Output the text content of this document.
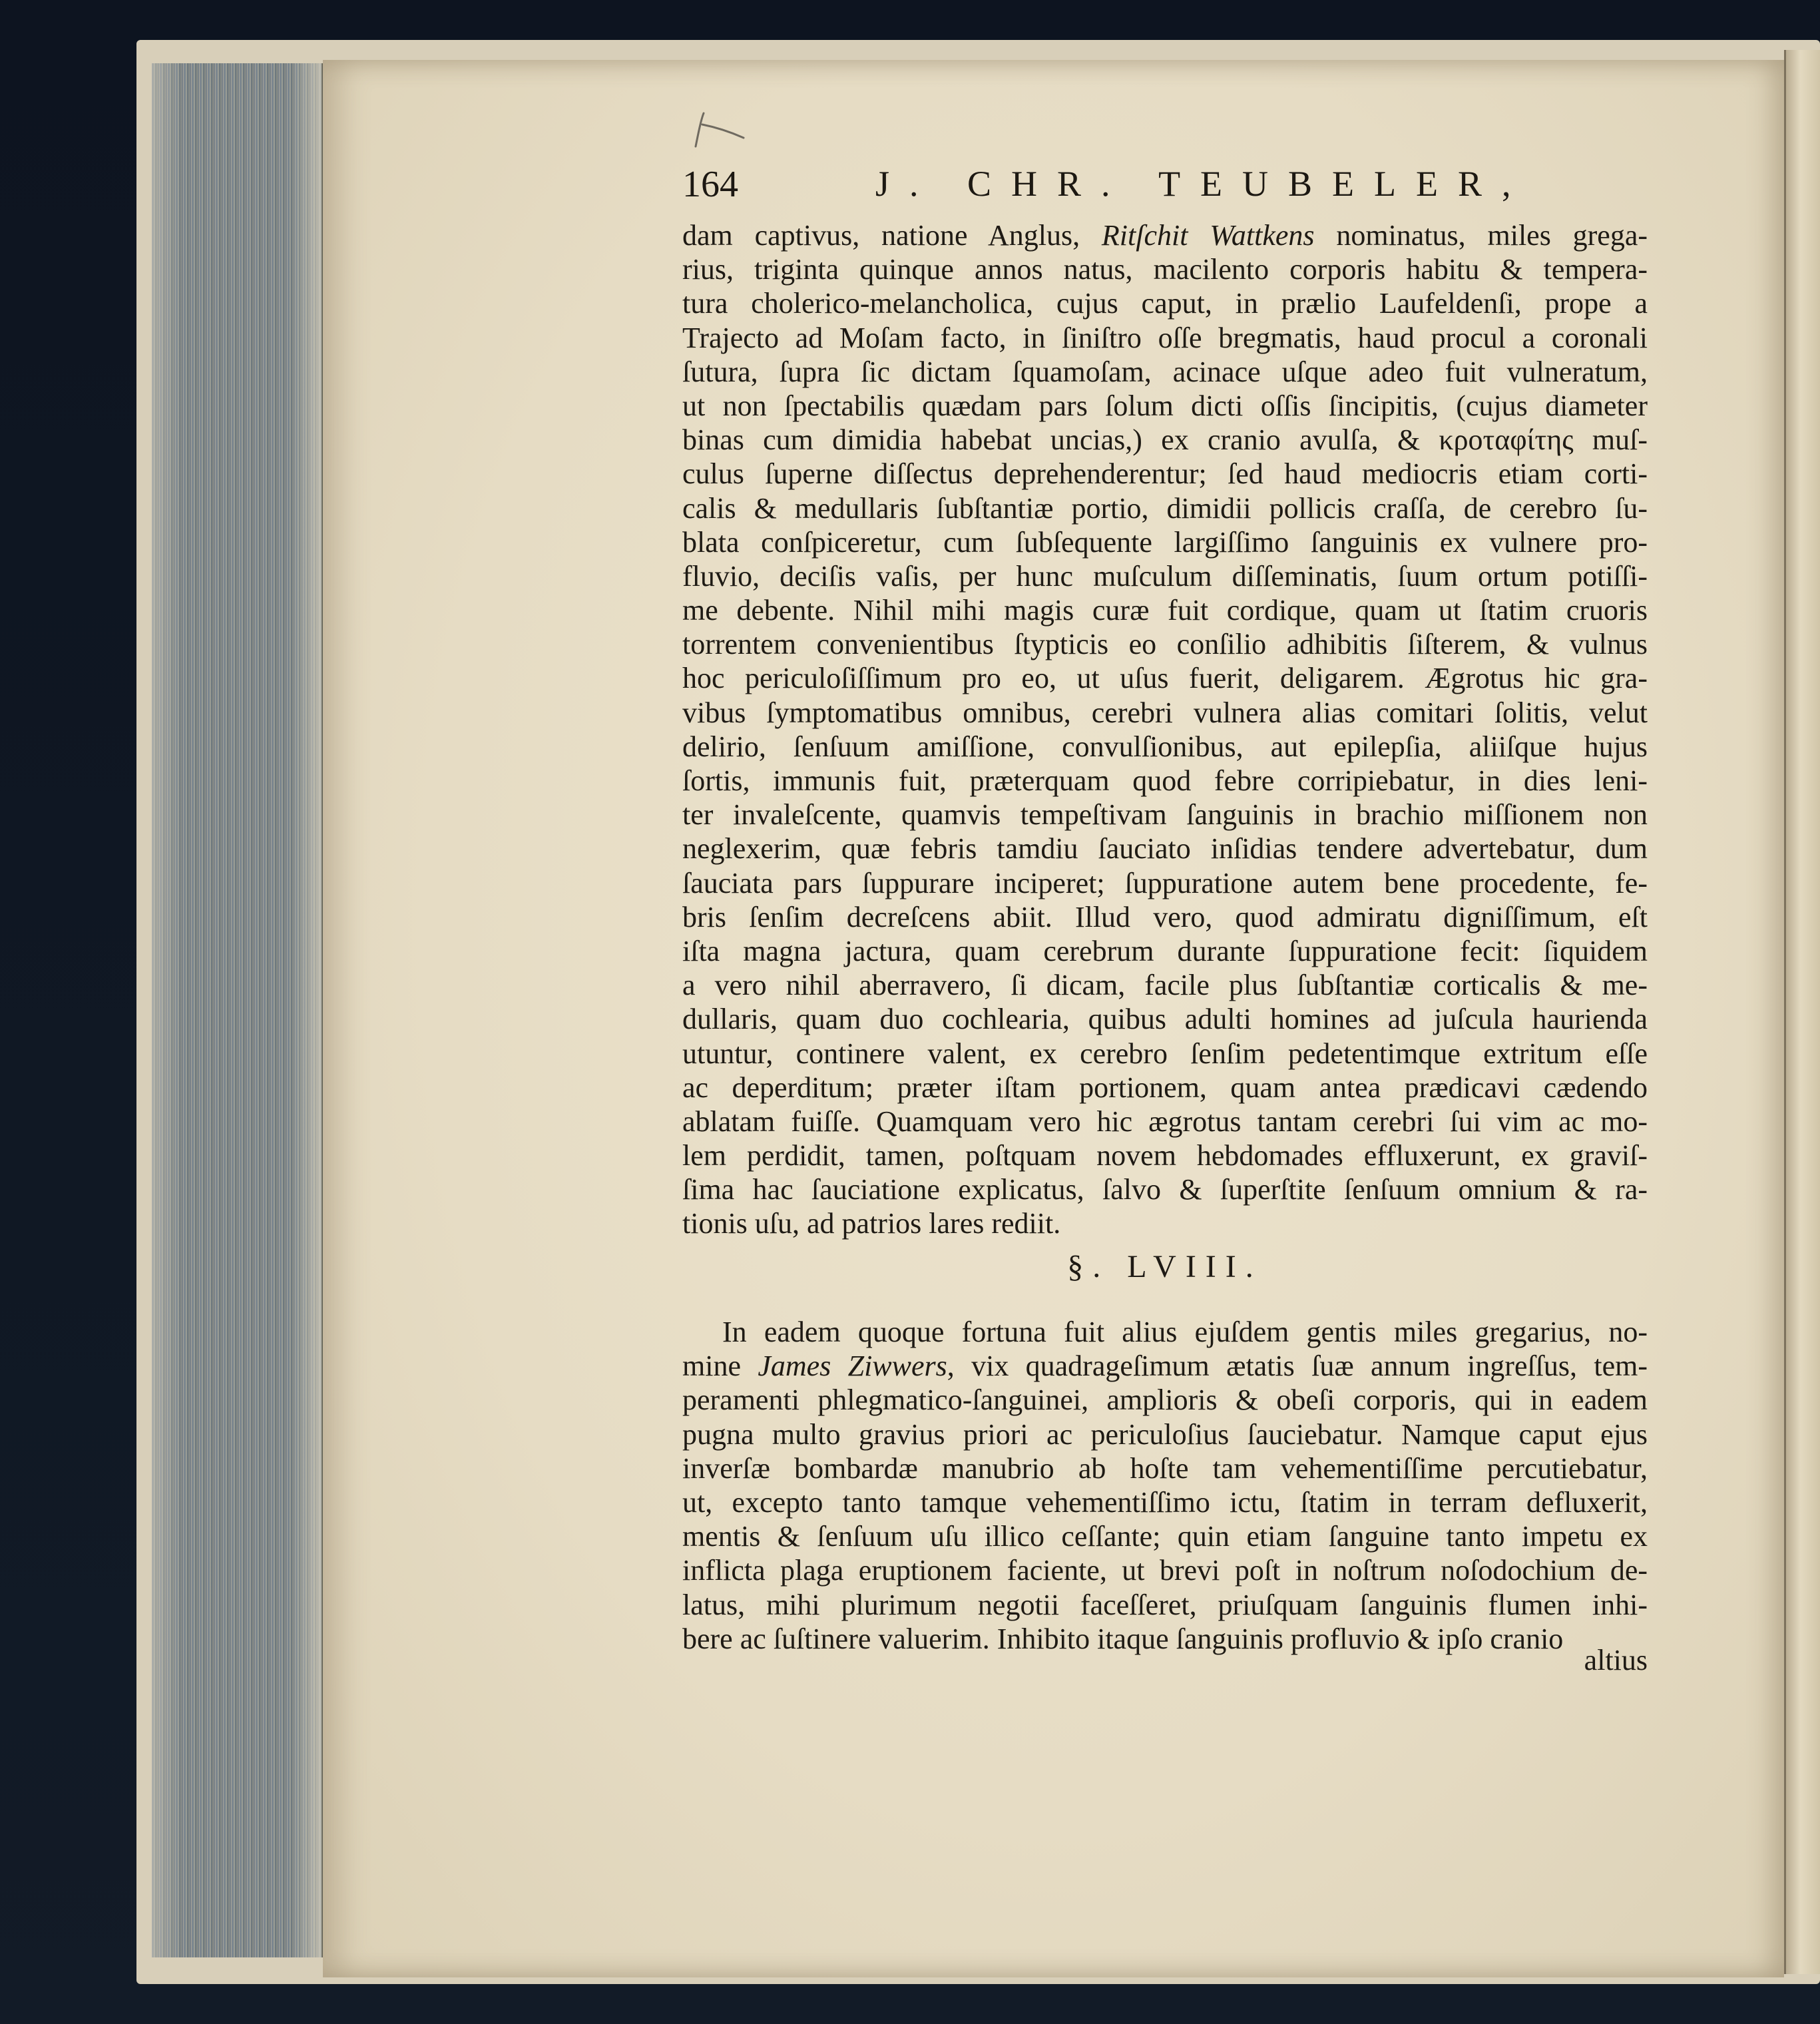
164	J. CHR. TEUBELER,
dam captivus, natione Anglus, Ritſchit Wattkens nominatus, miles grega-
rius, triginta quinque annos natus, macilento corporis habitu & tempera-
tura cholerico-melancholica, cujus caput, in prælio Laufeldenſi, prope a
Trajecto ad Moſam facto, in ſiniſtro oſſe bregmatis, haud procul a coronali
ſutura, ſupra ſic dictam ſquamoſam, acinace uſque adeo fuit vulneratum,
ut non ſpectabilis quædam pars ſolum dicti oſſis ſincipitis, (cujus diameter
binas cum dimidia habebat uncias,) ex cranio avulſa, & κροταφίτης muſ-
culus ſuperne diſſectus deprehenderentur; ſed haud mediocris etiam corti-
calis & medullaris ſubſtantiæ portio, dimidii pollicis craſſa, de cerebro ſu-
blata conſpiceretur, cum ſubſequente largiſſimo ſanguinis ex vulnere pro-
fluvio, deciſis vaſis, per hunc muſculum diſſeminatis, ſuum ortum potiſſi-
me debente. Nihil mihi magis curæ fuit cordique, quam ut ſtatim cruoris
torrentem convenientibus ſtypticis eo conſilio adhibitis ſiſterem, & vulnus
hoc periculoſiſſimum pro eo, ut uſus fuerit, deligarem. Ægrotus hic gra-
vibus ſymptomatibus omnibus, cerebri vulnera alias comitari ſolitis, velut
delirio, ſenſuum amiſſione, convulſionibus, aut epilepſia, aliiſque hujus
ſortis, immunis fuit, præterquam quod febre corripiebatur, in dies leni-
ter invaleſcente, quamvis tempeſtivam ſanguinis in brachio miſſionem non
neglexerim, quæ febris tamdiu ſauciato inſidias tendere advertebatur, dum
ſauciata pars ſuppurare inciperet; ſuppuratione autem bene procedente, fe-
bris ſenſim decreſcens abiit. Illud vero, quod admiratu digniſſimum, eſt
iſta magna jactura, quam cerebrum durante ſuppuratione fecit: ſiquidem
a vero nihil aberravero, ſi dicam, facile plus ſubſtantiæ corticalis & me-
dullaris, quam duo cochlearia, quibus adulti homines ad juſcula haurienda
utuntur, continere valent, ex cerebro ſenſim pedetentimque extritum eſſe
ac deperditum; præter iſtam portionem, quam antea prædicavi cædendo
ablatam fuiſſe. Quamquam vero hic ægrotus tantam cerebri ſui vim ac mo-
lem perdidit, tamen, poſtquam novem hebdomades effluxerunt, ex graviſ-
ſima hac ſauciatione explicatus, ſalvo & ſuperſtite ſenſuum omnium & ra-
tionis uſu, ad patrios lares rediit.
§. LVIII.
In eadem quoque fortuna fuit alius ejuſdem gentis miles gregarius, no-
mine James Ziwwers, vix quadrageſimum ætatis ſuæ annum ingreſſus, tem-
peramenti phlegmatico-ſanguinei, amplioris & obeſi corporis, qui in eadem
pugna multo gravius priori ac periculoſius ſauciebatur. Namque caput ejus
inverſæ bombardæ manubrio ab hoſte tam vehementiſſime percutiebatur,
ut, excepto tanto tamque vehementiſſimo ictu, ſtatim in terram defluxerit,
mentis & ſenſuum uſu illico ceſſante; quin etiam ſanguine tanto impetu ex
inflicta plaga eruptionem faciente, ut brevi poſt in noſtrum noſodochium de-
latus, mihi plurimum negotii faceſſeret, priuſquam ſanguinis flumen inhi-
bere ac ſuſtinere valuerim. Inhibito itaque ſanguinis profluvio & ipſo cranio
altius
